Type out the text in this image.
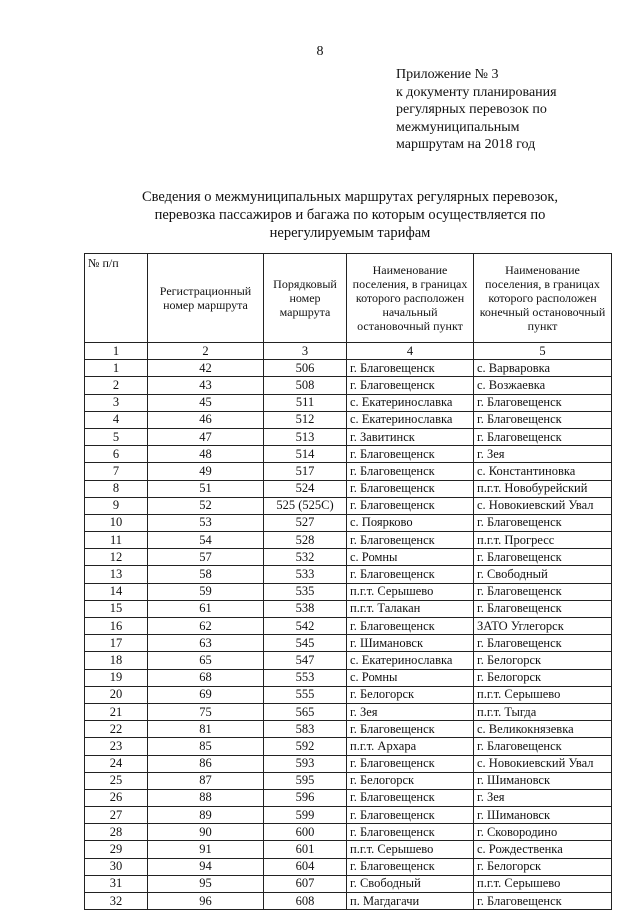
8
Приложение № 3
к документу планирования
регулярных перевозок по
межмуниципальным
маршрутам на 2018 год
Сведения о межмуниципальных маршрутах регулярных перевозок,
перевозка пассажиров и багажа по которым осуществляется по
нерегулируемым тарифам
№ п/п	Регистрационный номер маршрута	Порядковый номер маршрута	Наименование поселения, в границах которого расположен начальный остановочный пункт	Наименование поселения, в границах которого расположен конечный остановочный пункт
1	2	3	4	5
1	42	506	г. Благовещенск	с. Варваровка
2	43	508	г. Благовещенск	с. Возжаевка
3	45	511	с. Екатеринославка	г. Благовещенск
4	46	512	с. Екатеринославка	г. Благовещенск
5	47	513	г. Завитинск	г. Благовещенск
6	48	514	г. Благовещенск	г. Зея
7	49	517	г. Благовещенск	с. Константиновка
8	51	524	г. Благовещенск	п.г.т. Новобурейский
9	52	525 (525С)	г. Благовещенск	с. Новокиевский Увал
10	53	527	с. Поярково	г. Благовещенск
11	54	528	г. Благовещенск	п.г.т. Прогресс
12	57	532	с. Ромны	г. Благовещенск
13	58	533	г. Благовещенск	г. Свободный
14	59	535	п.г.т. Серышево	г. Благовещенск
15	61	538	п.г.т. Талакан	г. Благовещенск
16	62	542	г. Благовещенск	ЗАТО Углегорск
17	63	545	г. Шимановск	г. Благовещенск
18	65	547	с. Екатеринославка	г. Белогорск
19	68	553	с. Ромны	г. Белогорск
20	69	555	г. Белогорск	п.г.т. Серышево
21	75	565	г. Зея	п.г.т. Тыгда
22	81	583	г. Благовещенск	с. Великокнязевка
23	85	592	п.г.т. Архара	г. Благовещенск
24	86	593	г. Благовещенск	с. Новокиевский Увал
25	87	595	г. Белогорск	г. Шимановск
26	88	596	г. Благовещенск	г. Зея
27	89	599	г. Благовещенск	г. Шимановск
28	90	600	г. Благовещенск	г. Сковородино
29	91	601	п.г.т. Серышево	с. Рождественка
30	94	604	г. Благовещенск	г. Белогорск
31	95	607	г. Свободный	п.г.т. Серышево
32	96	608	п. Магдагачи	г. Благовещенск
